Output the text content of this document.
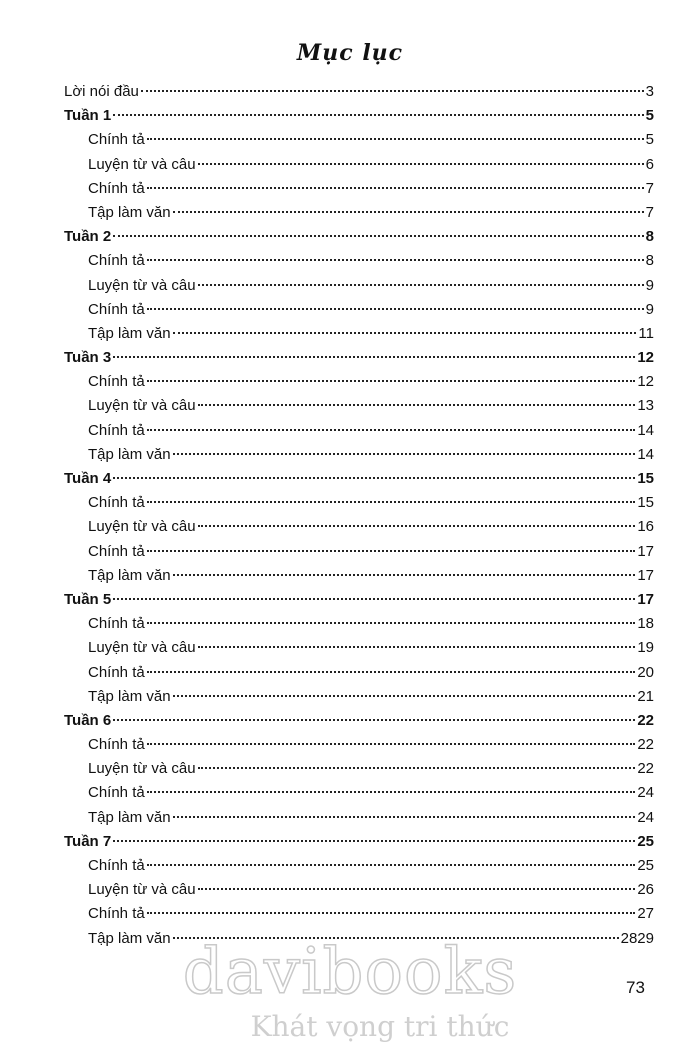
Mục lục
Lời nói đầu	3
Tuần 1	5
Chính tả	5
Luyện từ và câu	6
Chính tả	7
Tập làm văn	7
Tuần 2	8
Chính tả	8
Luyện từ và câu	9
Chính tả	9
Tập làm văn	11
Tuần 3	12
Chính tả	12
Luyện từ và câu	13
Chính tả	14
Tập làm văn	14
Tuần 4	15
Chính tả	15
Luyện từ và câu	16
Chính tả	17
Tập làm văn	17
Tuần 5	17
Chính tả	18
Luyện từ và câu	19
Chính tả	20
Tập làm văn	21
Tuần 6	22
Chính tả	22
Luyện từ và câu	22
Chính tả	24
Tập làm văn	24
Tuần 7	25
Chính tả	25
Luyện từ và câu	26
Chính tả	27
Tập làm văn	2829
davibooks
Khát vọng tri thức
73
